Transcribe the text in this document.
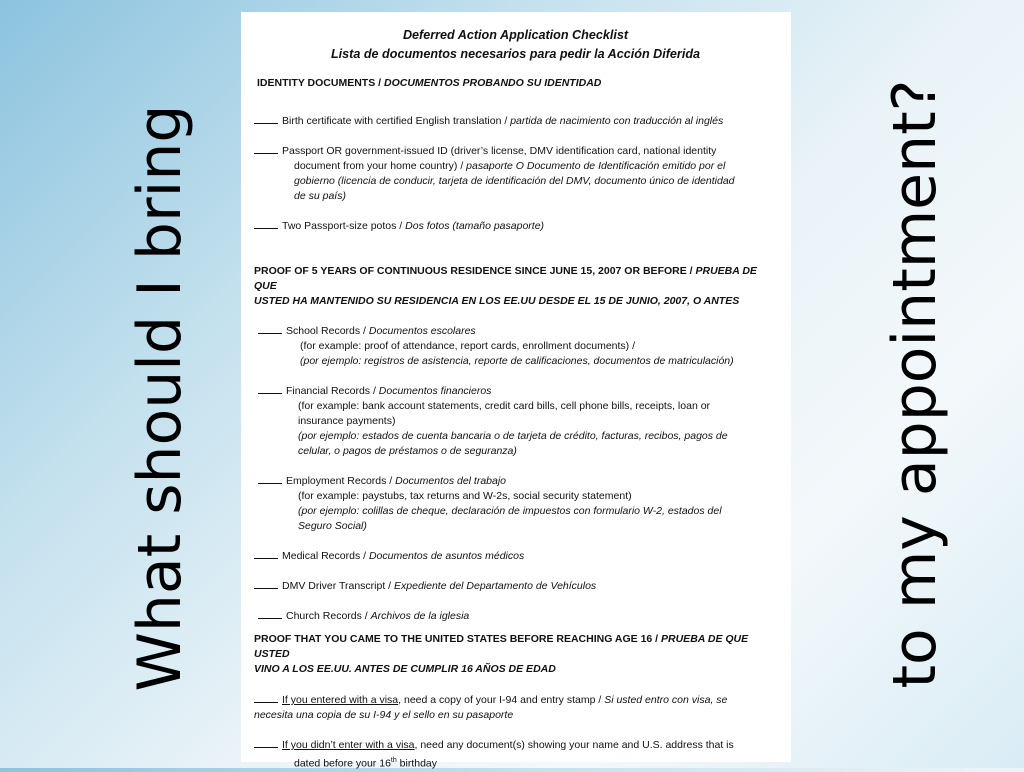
What should I bring	to my appointment?
Deferred Action Application Checklist
Lista de documentos necesarios para pedir la Acción Diferida
IDENTITY DOCUMENTS / DOCUMENTOS PROBANDO SU IDENTIDAD
Birth certificate with certified English translation / partida de nacimiento con traducción al inglés
Passport OR government-issued ID (driver’s license, DMV identification card, national identity
document from your home country) / pasaporte O Documento de Identificación emitido por el
gobierno (licencia de conducir, tarjeta de identificación del DMV, documento único de identidad
de su país)
Two Passport-size potos / Dos fotos (tamaño pasaporte)
PROOF OF 5 YEARS OF CONTINUOUS RESIDENCE SINCE JUNE 15, 2007 OR BEFORE / PRUEBA DE QUE
USTED HA MANTENIDO SU RESIDENCIA EN LOS EE.UU DESDE EL 15 DE JUNIO, 2007, O ANTES
School Records / Documentos escolares
(for example: proof of attendance, report cards, enrollment documents) /
(por ejemplo: registros de asistencia, reporte de calificaciones, documentos de matriculación)
Financial Records / Documentos financieros
(for example: bank account statements, credit card bills, cell phone bills, receipts, loan or
insurance payments)
(por ejemplo: estados de cuenta bancaria o de tarjeta de crédito, facturas, recibos, pagos de
celular, o pagos de préstamos o de seguranza)
Employment Records / Documentos del trabajo
(for example: paystubs, tax returns and W-2s, social security statement)
(por ejemplo: colillas de cheque, declaración de impuestos con formulario W-2, estados del
Seguro Social)
Medical Records / Documentos de asuntos médicos
DMV Driver Transcript / Expediente del Departamento de Vehículos
Church Records / Archivos de la iglesia
PROOF THAT YOU CAME TO THE UNITED STATES BEFORE REACHING AGE 16 / PRUEBA DE QUE USTED
VINO A LOS EE.UU. ANTES DE CUMPLIR 16 AÑOS DE EDAD
If you entered with a visa, need a copy of your I-94 and entry stamp / Si usted entro con visa, se
necesita una copia de su I-94 y el sello en su pasaporte
If you didn’t enter with a visa, need any document(s) showing your name and U.S. address that is
dated before your 16th birthday
